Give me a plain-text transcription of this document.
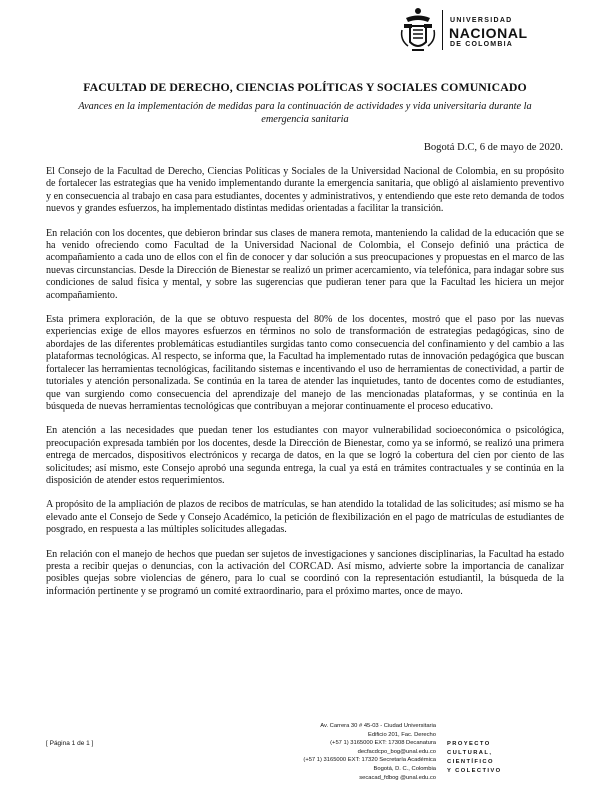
UNIVERSIDAD
NACIONAL
DE COLOMBIA
FACULTAD DE DERECHO, CIENCIAS POLÍTICAS Y SOCIALES COMUNICADO
Avances en la implementación de medidas para la continuación de actividades y vida universitaria durante la emergencia sanitaria
Bogotá D.C, 6 de mayo de 2020.

El Consejo de la Facultad de Derecho, Ciencias Políticas y Sociales de la Universidad Nacional de Colombia, en su propósito de fortalecer las estrategias que ha venido implementando durante la emergencia sanitaria, que obligó al aislamiento preventivo y en consecuencia al trabajo en casa para estudiantes, docentes y administrativos, y entendiendo que este reto demanda de todos nuevos y grandes esfuerzos, ha implementado distintas medidas orientadas a facilitar la transición.

En relación con los docentes, que debieron brindar sus clases de manera remota, manteniendo la calidad de la educación que se ha venido ofreciendo como Facultad de la Universidad Nacional de Colombia, el Consejo definió una práctica de acompañamiento a cada uno de ellos con el fin de conocer y dar solución a sus preocupaciones y propuestas en el marco de las nuevas circunstancias. Desde la Dirección de Bienestar se realizó un primer acercamiento, vía telefónica, para indagar sobre sus condiciones de salud física y mental, y sobre las sugerencias que pudieran tener para que la Facultad les hiciera un mejor acompañamiento.

Esta primera exploración, de la que se obtuvo respuesta del 80% de los docentes, mostró que el paso por las nuevas experiencias exige de ellos mayores esfuerzos en términos no solo de transformación de estrategias pedagógicas, sino de abordajes de las diferentes problemáticas estudiantiles surgidas tanto como consecuencia del confinamiento y del cambio a las plataformas tecnológicas. Al respecto, se informa que, la Facultad ha implementado rutas de innovación pedagógica que buscan fortalecer las herramientas tecnológicas, facilitando sistemas e incentivando el uso de herramientas de conectividad, a partir de tutoriales y atención personalizada. Se continúa en la tarea de atender las inquietudes, tanto de docentes como de estudiantes, que van surgiendo como consecuencia del aprendizaje del manejo de las mencionadas plataformas, y se continúa en la búsqueda de nuevas herramientas tecnológicas que contribuyan a mejorar continuamente el proceso educativo.

En atención a las necesidades que puedan tener los estudiantes con mayor vulnerabilidad socioeconómica o psicológica, preocupación expresada también por los docentes, desde la Dirección de Bienestar, como ya se informó, se realizó una primera entrega de mercados, dispositivos electrónicos y recarga de datos, en la que se logró la cobertura del cien por ciento de las solicitudes; así mismo, este Consejo aprobó una segunda entrega, la cual ya está en trámites contractuales y se continúa en la disposición de atender estos requerimientos.

A propósito de la ampliación de plazos de recibos de matrículas, se han atendido la totalidad de las solicitudes; así mismo se ha elevado ante el Consejo de Sede y Consejo Académico, la petición de flexibilización en el pago de matrículas de estudiantes de posgrado, en respuesta a las múltiples solicitudes allegadas.

En relación con el manejo de hechos que puedan ser sujetos de investigaciones y sanciones disciplinarias, la Facultad ha estado presta a recibir quejas o denuncias, con la activación del CORCAD. Así mismo, advierte sobre la importancia de canalizar posibles quejas sobre violencias de género, para lo cual se coordinó con la representación estudiantil, la búsqueda de la información pertinente y se programó un comité extraordinario, para el próximo martes, once de mayo.

[ Página 1 de 1 ]
Av. Carrera 30 # 45-03 - Ciudad Universitaria
Edificio 201, Fac. Derecho
(+57 1) 3165000 EXT: 17308 Decanatura
decfacdcpo_bog@unal.edu.co
(+57 1) 3165000 EXT: 17320 Secretaría Académica
Bogotá, D. C., Colombia
secacad_fdbog @unal.edu.co
PROYECTO
CULTURAL,
CIENTÍFICO
Y COLECTIVO
